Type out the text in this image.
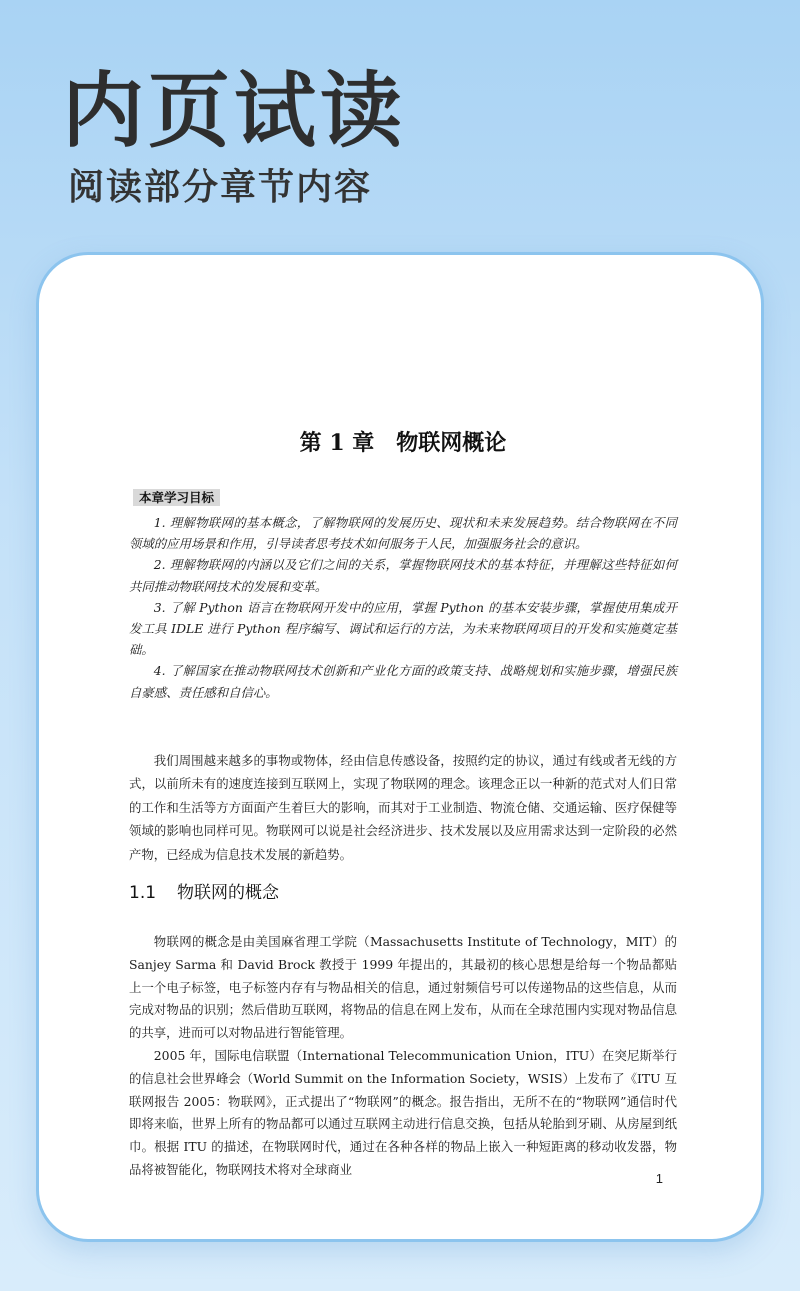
内页试读
阅读部分章节内容
第 1 章　物联网概论
本章学习目标

1. 理解物联网的基本概念，了解物联网的发展历史、现状和未来发展趋势。结合物联网在不同领域的应用场景和作用，引导读者思考技术如何服务于人民，加强服务社会的意识。

2. 理解物联网的内涵以及它们之间的关系，掌握物联网技术的基本特征，并理解这些特征如何共同推动物联网技术的发展和变革。

3. 了解 Python 语言在物联网开发中的应用，掌握 Python 的基本安装步骤，掌握使用集成开发工具 IDLE 进行 Python 程序编写、调试和运行的方法，为未来物联网项目的开发和实施奠定基础。

4. 了解国家在推动物联网技术创新和产业化方面的政策支持、战略规划和实施步骤，增强民族自豪感、责任感和自信心。

我们周围越来越多的事物或物体，经由信息传感设备，按照约定的协议，通过有线或者无线的方式，以前所未有的速度连接到互联网上，实现了物联网的理念。该理念正以一种新的范式对人们日常的工作和生活等方方面面产生着巨大的影响，而其对于工业制造、物流仓储、交通运输、医疗保健等领域的影响也同样可见。物联网可以说是社会经济进步、技术发展以及应用需求达到一定阶段的必然产物，已经成为信息技术发展的新趋势。

1.1 物联网的概念

物联网的概念是由美国麻省理工学院（Massachusetts Institute of Technology，MIT）的 Sanjey Sarma 和 David Brock 教授于 1999 年提出的，其最初的核心思想是给每一个物品都贴上一个电子标签，电子标签内存有与物品相关的信息，通过射频信号可以传递物品的这些信息，从而完成对物品的识别；然后借助互联网，将物品的信息在网上发布，从而在全球范围内实现对物品信息的共享，进而可以对物品进行智能管理。

2005 年，国际电信联盟（International Telecommunication Union，ITU）在突尼斯举行的信息社会世界峰会（World Summit on the Information Society，WSIS）上发布了《ITU 互联网报告 2005：物联网》，正式提出了“物联网”的概念。报告指出，无所不在的“物联网”通信时代即将来临，世界上所有的物品都可以通过互联网主动进行信息交换，包括从轮胎到牙刷、从房屋到纸巾。根据 ITU 的描述，在物联网时代，通过在各种各样的物品上嵌入一种短距离的移动收发器，物品将被智能化，物联网技术将对全球商业

1
